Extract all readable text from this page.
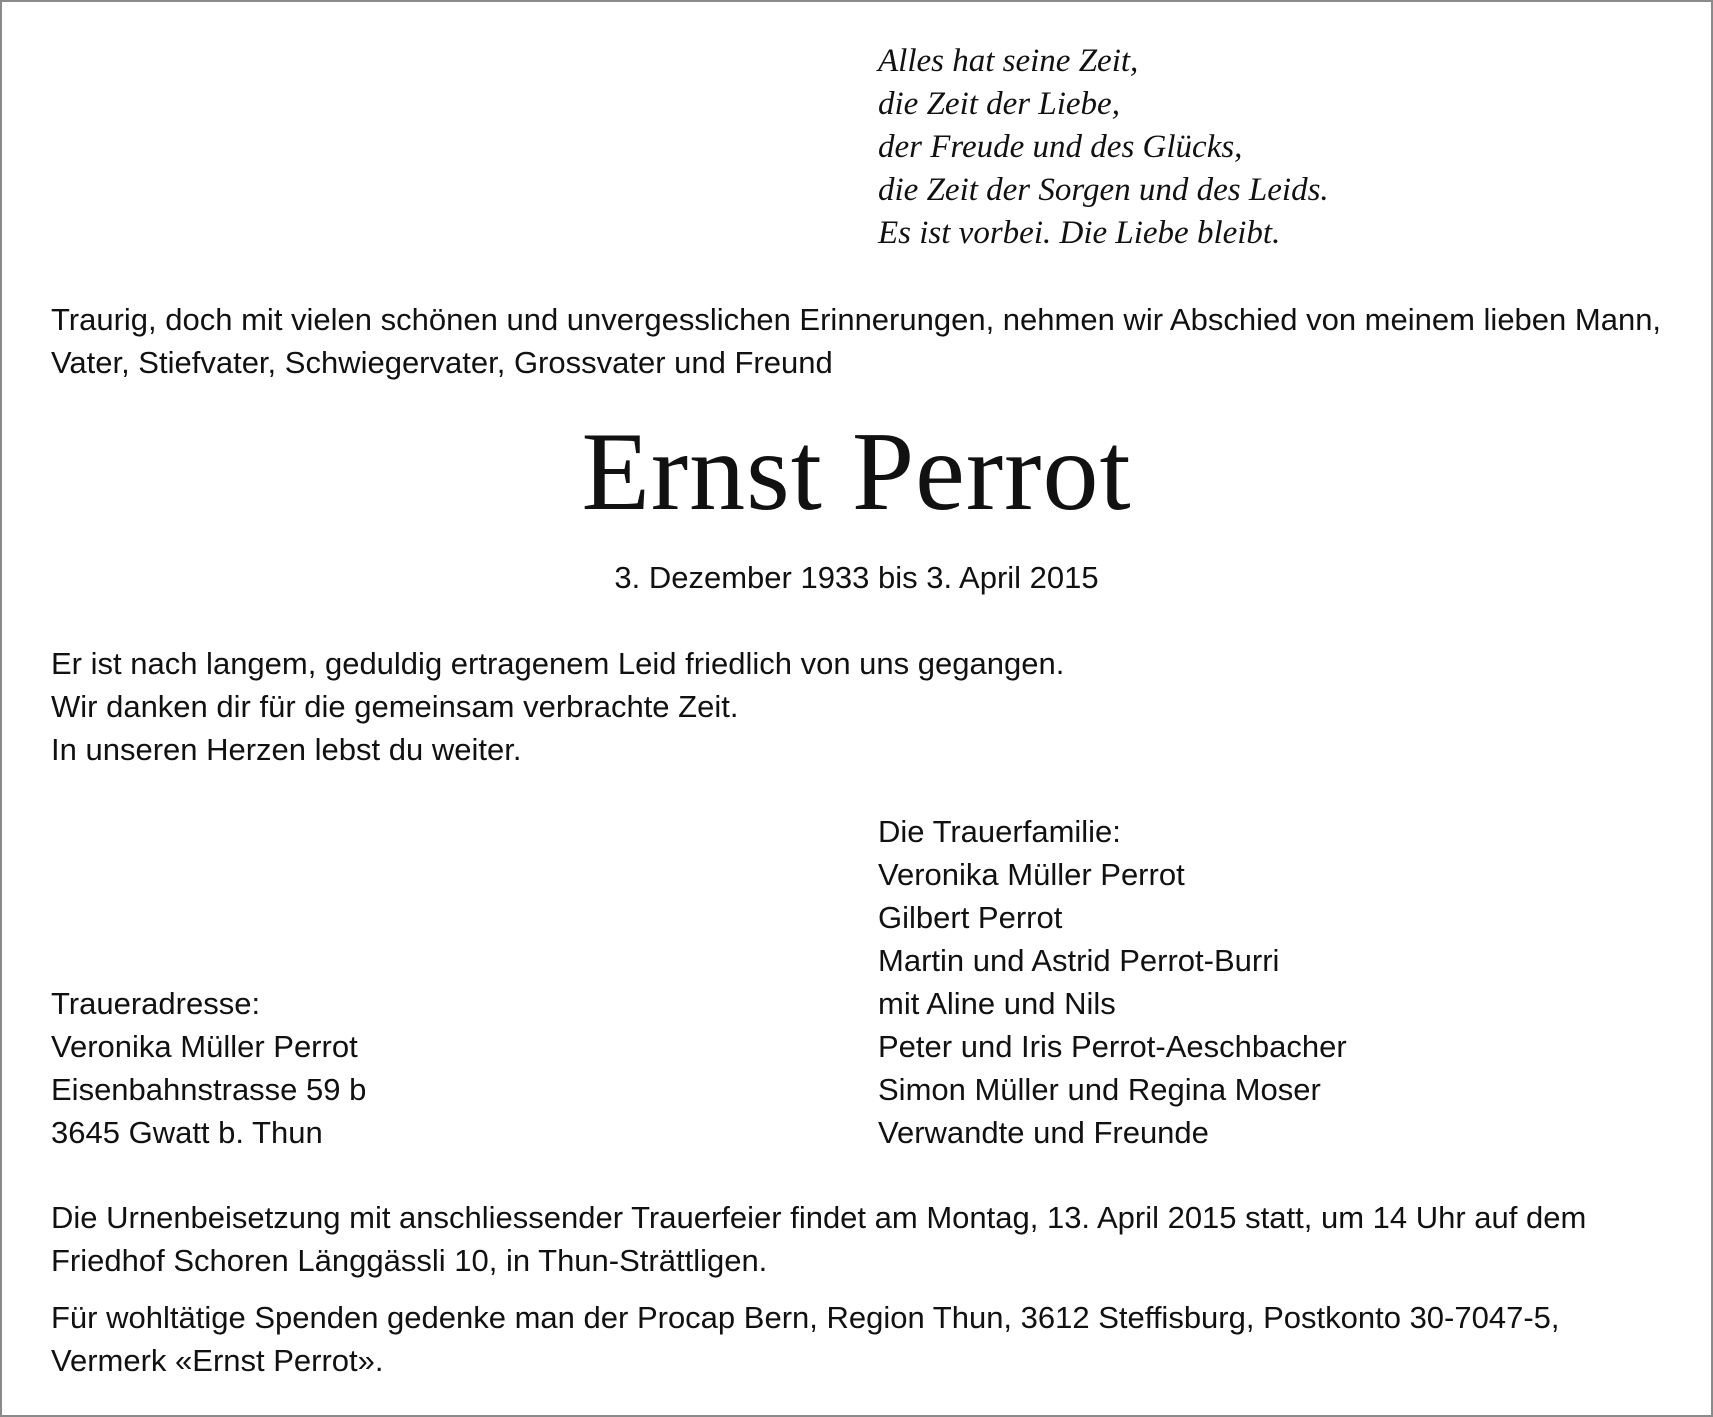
Alles hat seine Zeit,
die Zeit der Liebe,
der Freude und des Glücks,
die Zeit der Sorgen und des Leids.
Es ist vorbei. Die Liebe bleibt.
Traurig, doch mit vielen schönen und unvergesslichen Erinnerungen, nehmen wir Abschied von meinem lieben Mann, Vater, Stiefvater, Schwiegervater, Grossvater und Freund
Ernst Perrot
3. Dezember 1933 bis 3. April 2015
Er ist nach langem, geduldig ertragenem Leid friedlich von uns gegangen.
Wir danken dir für die gemeinsam verbrachte Zeit.
In unseren Herzen lebst du weiter.
Die Trauerfamilie:
Veronika Müller Perrot
Gilbert Perrot
Martin und Astrid Perrot-Burri
mit Aline und Nils
Peter und Iris Perrot-Aeschbacher
Simon Müller und Regina Moser
Verwandte und Freunde
Traueradresse:
Veronika Müller Perrot
Eisenbahnstrasse 59 b
3645 Gwatt b. Thun
Die Urnenbeisetzung mit anschliessender Trauerfeier findet am Montag, 13. April 2015 statt, um 14 Uhr auf dem Friedhof Schoren Länggässli 10, in Thun-Strättligen.
Für wohltätige Spenden gedenke man der Procap Bern, Region Thun, 3612 Steffisburg, Postkonto 30-7047-5, Vermerk «Ernst Perrot».
